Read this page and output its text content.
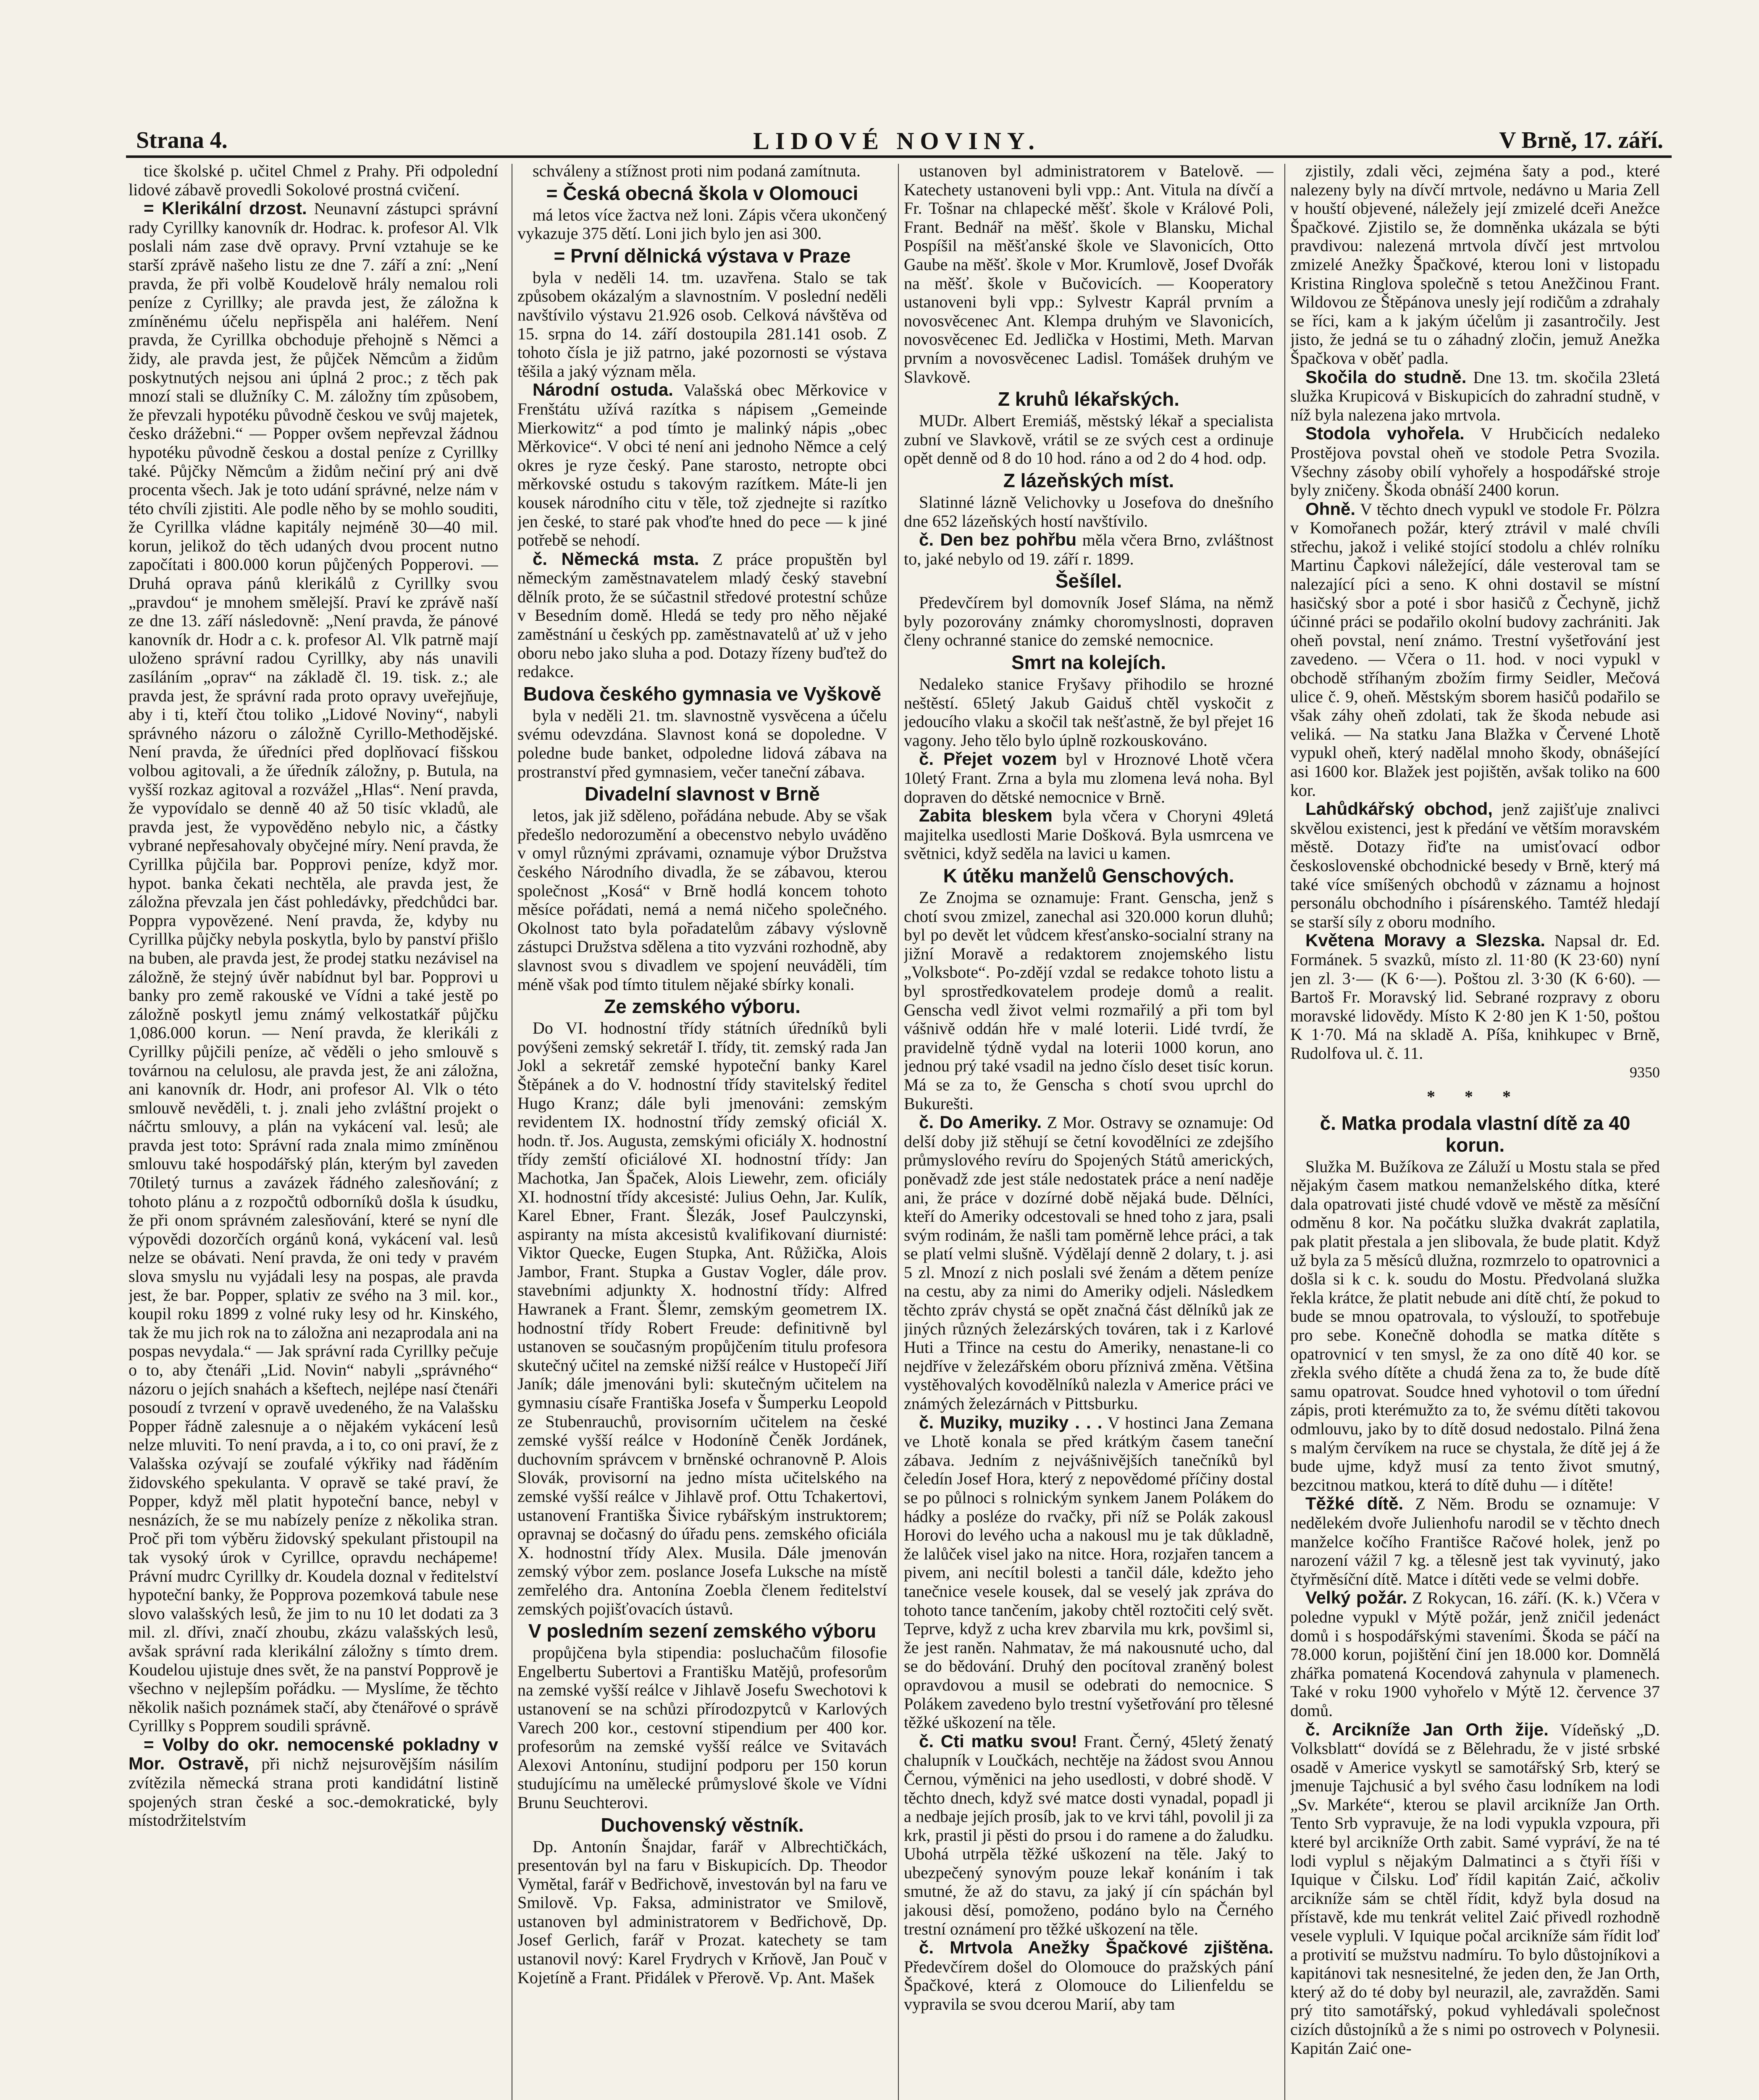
Strana 4.	LIDOVÉ NOVINY.	V Brně, 17. září.

tice školské p. učitel Chmel z Prahy. Při odpolední lidové zábavě provedli Sokolové prostná cvičení.

= Klerikální drzost. Neunavní zástupci správní rady Cyrillky kanovník dr. Hodrac. k. profesor Al. Vlk poslali nám zase dvě opravy. První vztahuje se ke starší zprávě našeho listu ze dne 7. září a zní: „Není pravda, že při volbě Koudelově hrály nemalou roli peníze z Cyrillky; ale pravda jest, že záložna k zmíněnému účelu nepřispěla ani haléřem. Není pravda, že Cyrillka obchoduje přehojně s Němci a židy, ale pravda jest, že půjček Němcům a židům poskytnutých nejsou ani úplná 2 proc.; z těch pak mnozí stali se dlužníky C. M. záložny tím způsobem, že převzali hypotéku původně českou ve svůj majetek, česko drážebni.“ — Popper ovšem nepřevzal žádnou hypotéku původně českou a dostal peníze z Cyrillky také. Půjčky Němcům a židům nečiní prý ani dvě procenta všech. Jak je toto udání správné, nelze nám v této chvíli zjistiti. Ale podle něho by se mohlo souditi, že Cyrillka vládne kapitály nejméně 30—40 mil. korun, jelikož do těch udaných dvou procent nutno započítati i 800.000 korun půjčených Popperovi. — Druhá oprava pánů klerikálů z Cyrillky svou „pravdou“ je mnohem smělejší. Praví ke zprávě naší ze dne 13. září následovně: „Není pravda, že pánové kanovník dr. Hodr a c. k. profesor Al. Vlk patrně mají uloženo správní radou Cyrillky, aby nás unavili zasíláním „oprav“ na základě čl. 19. tisk. z.; ale pravda jest, že správní rada proto opravy uveřejňuje, aby i ti, kteří čtou toliko „Lidové Noviny“, nabyli správného názoru o záložně Cyrillo-Methodějské. Není pravda, že úředníci před doplňovací fišskou volbou agitovali, a že úředník záložny, p. Butula, na vyšší rozkaz agitoval a rozvážel „Hlas“. Není pravda, že vypovídalo se denně 40 až 50 tisíc vkladů, ale pravda jest, že vypověděno nebylo nic, a částky vybrané nepřesahovaly obyčejné míry. Není pravda, že Cyrillka půjčila bar. Popprovi peníze, když mor. hypot. banka čekati nechtěla, ale pravda jest, že záložna převzala jen část pohledávky, předchůdci bar. Poppra vypovězené. Není pravda, že, kdyby nu Cyrillka půjčky nebyla poskytla, bylo by panství přišlo na buben, ale pravda jest, že prodej statku nezávisel na záložně, že stejný úvěr nabídnut byl bar. Popprovi u banky pro země rakouské ve Vídni a také jestě po záložně poskytl jemu známý velkostatkář půjčku 1,086.000 korun. — Není pravda, že klerikáli z Cyrillky půjčili peníze, ač věděli o jeho smlouvě s továrnou na celulosu, ale pravda jest, že ani záložna, ani kanovník dr. Hodr, ani profesor Al. Vlk o této smlouvě nevěděli, t. j. znali jeho zvláštní projekt o náčrtu smlouvy, a plán na vykácení val. lesů; ale pravda jest toto: Správní rada znala mimo zmíněnou smlouvu také hospodářský plán, kterým byl zaveden 70tiletý turnus a zavázek řádného zalesňování; z tohoto plánu a z rozpočtů odborníků došla k úsudku, že při onom správném zalesňování, které se nyní dle výpovědi dozorčích orgánů koná, vykácení val. lesů nelze se obávati. Není pravda, že oni tedy v pravém slova smyslu nu vyjádali lesy na pospas, ale pravda jest, že bar. Popper, splativ ze svého na 3 mil. kor., koupil roku 1899 z volné ruky lesy od hr. Kinského, tak že mu jich rok na to záložna ani nezaprodala ani na pospas nevydala.“ — Jak správní rada Cyrillky pečuje o to, aby čtenáři „Lid. Novin“ nabyli „správného“ názoru o jejích snahách a kšeftech, nejlépe nasí čtenáři posoudí z tvrzení v opravě uvedeného, že na Valašsku Popper řádně zalesnuje a o nějakém vykácení lesů nelze mluviti. To není pravda, a i to, co oni praví, že z Valašska ozývají se zoufalé výkřiky nad řáděním židovského spekulanta. V opravě se také praví, že Popper, když měl platit hypoteční bance, nebyl v nesnázích, že se mu nabízely peníze z několika stran. Proč při tom výběru židovský spekulant přistoupil na tak vysoký úrok v Cyrillce, opravdu nechápeme! Právní mudrc Cyrillky dr. Koudela doznal v ředitelství hypoteční banky, že Popprova pozemková tabule nese slovo valašských lesů, že jim to nu 10 let dodati za 3 mil. zl. dřívi, značí zhoubu, zkázu valašských lesů, avšak správní rada klerikální záložny s tímto drem. Koudelou ujistuje dnes svět, že na panství Popprově je všechno v nejlepším pořádku. — Myslíme, že těchto několik našich poznámek stačí, aby čtenářové o správě Cyrillky s Popprem soudili správně.

= Volby do okr. nemocenské pokladny v Mor. Ostravě, při nichž nejsurovějším násilím zvítězila německá strana proti kandidátní listině spojených stran české a soc.-demokratické, byly místodržitelstvím

schváleny a stížnost proti nim podaná zamítnuta.

= Česká obecná škola v Olomouci

má letos více žactva než loni. Zápis včera ukončený vykazuje 375 dětí. Loni jich bylo jen asi 300.

= První dělnická výstava v Praze

byla v neděli 14. tm. uzavřena. Stalo se tak způsobem okázalým a slavnostním. V poslední neděli navštívilo výstavu 21.926 osob. Celková návštěva od 15. srpna do 14. září dostoupila 281.141 osob. Z tohoto čísla je již patrno, jaké pozornosti se výstava těšila a jaký význam měla.

Národní ostuda. Valašská obec Měrkovice v Frenštátu užívá razítka s nápisem „Gemeinde Mierkowitz“ a pod tímto je malinký nápis „obec Měrkovice“. V obci té není ani jednoho Němce a celý okres je ryze český. Pane starosto, netropte obci měrkovské ostudu s takovým razítkem. Máte-li jen kousek národního citu v těle, tož zjednejte si razítko jen české, to staré pak vhoďte hned do pece — k jiné potřebě se nehodí.

č. Německá msta. Z práce propuštěn byl německým zaměstnavatelem mladý český stavební dělník proto, že se súčastnil středové protestní schůze v Besedním domě. Hledá se tedy pro něho nějaké zaměstnání u českých pp. zaměstnavatelů ať už v jeho oboru nebo jako sluha a pod. Dotazy řízeny buďtež do redakce.

Budova českého gymnasia ve Vyškově

byla v neděli 21. tm. slavnostně vysvěcena a účelu svému odevzdána. Slavnost koná se dopoledne. V poledne bude banket, odpoledne lidová zábava na prostranství před gymnasiem, večer taneční zábava.

Divadelní slavnost v Brně

letos, jak již sděleno, pořádána nebude. Aby se však předešlo nedorozumění a obecenstvo nebylo uváděno v omyl různými zprávami, oznamuje výbor Družstva českého Národního divadla, že se zábavou, kterou společnost „Kosá“ v Brně hodlá koncem tohoto měsíce pořádati, nemá a nemá ničeho společného. Okolnost tato byla pořadatelům zábavy výslovně zástupci Družstva sdělena a tito vyzváni rozhodně, aby slavnost svou s divadlem ve spojení neuváděli, tím méně však pod tímto titulem nějaké sbírky konali.

Ze zemského výboru.

Do VI. hodnostní třídy státních úředníků byli povýšeni zemský sekretář I. třídy, tit. zemský rada Jan Jokl a sekretář zemské hypoteční banky Karel Štěpánek a do V. hodnostní třídy stavitelský ředitel Hugo Kranz; dále byli jmenováni: zemským revidentem IX. hodnostní třídy zemský oficiál X. hodn. tř. Jos. Augusta, zemskými oficiály X. hodnostní třídy zemští oficiálové XI. hodnostní třídy: Jan Machotka, Jan Špaček, Alois Liewehr, zem. oficiály XI. hodnostní třídy akcesisté: Julius Oehn, Jar. Kulík, Karel Ebner, Frant. Šlezák, Josef Paulczynski, aspiranty na místa akcesistů kvalifikovaní diurnisté: Viktor Quecke, Eugen Stupka, Ant. Růžička, Alois Jambor, Frant. Stupka a Gustav Vogler, dále prov. stavebními adjunkty X. hodnostní třídy: Alfred Hawranek a Frant. Šlemr, zemským geometrem IX. hodnostní třídy Robert Freude: definitivně byl ustanoven se současným propůjčením titulu profesora skutečný učitel na zemské nižší reálce v Hustopečí Jiří Janík; dále jmenováni byli: skutečným učitelem na gymnasiu císaře Františka Josefa v Šumperku Leopold ze Stubenrauchů, provisorním učitelem na české zemské vyšší reálce v Hodoníně Čeněk Jordánek, duchovním správcem v brněnské ochranovně P. Alois Slovák, provisorní na jedno místa učitelského na zemské vyšší reálce v Jihlavě prof. Ottu Tchakertovi, ustanovení Františka Šivice rybářským instruktorem; opravnaj se dočasný do úřadu pens. zemského oficiála X. hodnostní třídy Alex. Musila. Dále jmenován zemský výbor zem. poslance Josefa Luksche na místě zemřelého dra. Antonína Zoebla členem ředitelství zemských pojišťovacích ústavů.

V posledním sezení zemského výboru

propůjčena byla stipendia: posluchačům filosofie Engelbertu Subertovi a Františku Matějů, profesorům na zemské vyšší reálce v Jihlavě Josefu Swechotovi k ustanovení se na schůzi přírodozpytců v Karlových Varech 200 kor., cestovní stipendium per 400 kor. profesorům na zemské vyšší reálce ve Svitavách Alexovi Antonínu, studijní podporu per 150 korun studujícímu na umělecké průmyslové škole ve Vídni Brunu Seuchterovi.

Duchovenský věstník.

Dp. Antonín Šnajdar, farář v Albrechtičkách, presentován byl na faru v Biskupicích. Dp. Theodor Vymětal, farář v Bedřichově, investován byl na faru ve Smilově. Vp. Faksa, administrator ve Smilově, ustanoven byl administratorem v Bedřichově, Dp. Josef Gerlich, farář v Prozat. katechety se tam ustanovil nový: Karel Frydrych v Krňově, Jan Pouč v Kojetíně a Frant. Přidálek v Přerově. Vp. Ant. Mašek

ustanoven byl administratorem v Batelově. — Katechety ustanoveni byli vpp.: Ant. Vitula na dívčí a Fr. Tošnar na chlapecké měšť. škole v Králové Poli, Frant. Bednář na měšť. škole v Blansku, Michal Pospíšil na měšťanské škole ve Slavonicích, Otto Gaube na měšť. škole v Mor. Krumlově, Josef Dvořák na měšť. škole v Bučovicích. — Kooperatory ustanoveni byli vpp.: Sylvestr Kaprál prvním a novosvěcenec Ant. Klempa druhým ve Slavonicích, novosvěcenec Ed. Jedlička v Hostimi, Meth. Marvan prvním a novosvěcenec Ladisl. Tomášek druhým ve Slavkově.

Z kruhů lékařských.

MUDr. Albert Eremiáš, městský lékař a specialista zubní ve Slavkově, vrátil se ze svých cest a ordinuje opět denně od 8 do 10 hod. ráno a od 2 do 4 hod. odp.

Z lázeňských míst.

Slatinné lázně Velichovky u Josefova do dnešního dne 652 lázeňských hostí navštívilo.

č. Den bez pohřbu měla včera Brno, zvláštnost to, jaké nebylo od 19. září r. 1899.

Šešílel.

Předevčírem byl domovník Josef Sláma, na němž byly pozorovány známky choromyslnosti, dopraven členy ochranné stanice do zemské nemocnice.

Smrt na kolejích.

Nedaleko stanice Fryšavy přihodilo se hrozné neštěstí. 65letý Jakub Gaiduš chtěl vyskočit z jedoucího vlaku a skočil tak nešťastně, že byl přejet 16 vagony. Jeho tělo bylo úplně rozkouskováno.

č. Přejet vozem byl v Hroznové Lhotě včera 10letý Frant. Zrna a byla mu zlomena levá noha. Byl dopraven do dětské nemocnice v Brně.

Zabita bleskem byla včera v Choryni 49letá majitelka usedlosti Marie Došková. Byla usmrcena ve světnici, když seděla na lavici u kamen.

K útěku manželů Genschových.

Ze Znojma se oznamuje: Frant. Genscha, jenž s chotí svou zmizel, zanechal asi 320.000 korun dluhů; byl po devět let vůdcem křesťansko-socialní strany na jižní Moravě a redaktorem znojemského listu „Volksbote“. Po-zdějí vzdal se redakce tohoto listu a byl sprostředkovatelem prodeje domů a realit. Genscha vedl život velmi rozmařilý a při tom byl vášnivě oddán hře v malé loterii. Lidé tvrdí, že pravidelně týdně vydal na loterii 1000 korun, ano jednou prý také vsadil na jedno číslo deset tisíc korun. Má se za to, že Genscha s chotí svou uprchl do Bukurešti.

č. Do Ameriky. Z Mor. Ostravy se oznamuje: Od delší doby již stěhují se četní kovodělníci ze zdejšího průmyslového revíru do Spojených Států amerických, poněvadž zde jest stále nedostatek práce a není naděje ani, že práce v dozírné době nějaká bude. Dělníci, kteří do Ameriky odcestovali se hned toho z jara, psali svým rodinám, že našli tam poměrně lehce práci, a tak se platí velmi slušně. Výdělají denně 2 dolary, t. j. asi 5 zl. Mnozí z nich poslali své ženám a dětem peníze na cestu, aby za nimi do Ameriky odjeli. Následkem těchto zpráv chystá se opět značná část dělníků jak ze jiných různých železárských továren, tak i z Karlové Huti a Třince na cestu do Ameriky, nenastane-li co nejdříve v železářském oboru příznivá změna. Většina vystěhovalých kovodělníků nalezla v Americe práci ve známých železárnách v Pittsburku.

č. Muziky, muziky . . . V hostinci Jana Zemana ve Lhotě konala se před krátkým časem taneční zábava. Jedním z nejvášnivějších tanečníků byl čeledín Josef Hora, který z nepovědomé příčiny dostal se po půlnoci s rolnickým synkem Janem Polákem do hádky a posléze do rvačky, při níž se Polák zakousl Horovi do levého ucha a nakousl mu je tak důkladně, že lalůček visel jako na nitce. Hora, rozjařen tancem a pivem, ani necítil bolesti a tančil dále, kdežto jeho tanečnice vesele kousek, dal se veselý jak zpráva do tohoto tance tančením, jakoby chtěl roztočiti celý svět. Teprve, když z ucha krev zbarvila mu krk, povšiml si, že jest raněn. Nahmatav, že má nakousnuté ucho, dal se do bědování. Druhý den pocítoval zraněný bolest opravdovou a musil se odebrati do nemocnice. S Polákem zavedeno bylo trestní vyšetřování pro tělesné těžké uškození na těle.

č. Cti matku svou! Frant. Černý, 45letý ženatý chalupník v Loučkách, nechtěje na žádost svou Annou Černou, výměnici na jeho usedlosti, v dobré shodě. V těchto dnech, když své matce dosti vynadal, popadl ji a nedbaje jejích prosíb, jak to ve krvi táhl, povolil ji za krk, prastil ji pěsti do prsou i do ramene a do žaludku. Ubohá utrpěla těžké uškození na těle. Jaký to ubezpečený synovým pouze lekař konáním i tak smutné, že až do stavu, za jaký jí cín spáchán byl jakousi děsí, pomoženo, podáno bylo na Černého trestní oznámení pro těžké uškození na těle.

č. Mrtvola Anežky Špačkové zjištěna. Předevčírem došel do Olomouce do pražských pání Špačkové, která z Olomouce do Lilienfeldu se vypravila se svou dcerou Marií, aby tam

zjistily, zdali věci, zejména šaty a pod., které nalezeny byly na dívčí mrtvole, nedávno u Maria Zell v houští objevené, náležely její zmizelé dceři Anežce Špačkové. Zjistilo se, že domněnka ukázala se býti pravdivou: nalezená mrtvola dívčí jest mrtvolou zmizelé Anežky Špačkové, kterou loni v listopadu Kristina Ringlova společně s tetou Anežčinou Frant. Wildovou ze Štěpánova unesly její rodičům a zdrahaly se říci, kam a k jakým účelům ji zasantročily. Jest jisto, že jedná se tu o záhadný zločin, jemuž Anežka Špačkova v oběť padla.

Skočila do studně. Dne 13. tm. skočila 23letá služka Krupicová v Biskupicích do zahradní studně, v níž byla nalezena jako mrtvola.

Stodola vyhořela. V Hrubčicích nedaleko Prostějova povstal oheň ve stodole Petra Svozila. Všechny zásoby obilí vyhořely a hospodářské stroje byly zničeny. Škoda obnáší 2400 korun.

Ohně. V těchto dnech vypukl ve stodole Fr. Pölzra v Komořanech požár, který ztrávil v malé chvíli střechu, jakož i veliké stojící stodolu a chlév rolníku Martinu Čapkovi náležející, dále vesteroval tam se nalezající píci a seno. K ohni dostavil se místní hasičský sbor a poté i sbor hasičů z Čechyně, jichž účinné práci se podařilo okolní budovy zachrániti. Jak oheň povstal, není známo. Trestní vyšetřování jest zavedeno. — Včera o 11. hod. v noci vypukl v obchodě stříhaným zbožím firmy Seidler, Mečová ulice č. 9, oheň. Městským sborem hasičů podařilo se však záhy oheň zdolati, tak že škoda nebude asi veliká. — Na statku Jana Blažka v Červené Lhotě vypukl oheň, který nadělal mnoho škody, obnášející asi 1600 kor. Blažek jest pojištěn, avšak toliko na 600 kor.

Lahůdkářský obchod, jenž zajišťuje znalivci skvělou existenci, jest k předání ve větším moravském městě. Dotazy řiďte na umisťovací odbor československé obchodnické besedy v Brně, který má také více smíšených obchodů v záznamu a hojnost personálu obchodního i písárenského. Tamtéž hledají se starší síly z oboru modního.

Květena Moravy a Slezska. Napsal dr. Ed. Formánek. 5 svazků, místo zl. 11·80 (K 23·60) nyní jen zl. 3·— (K 6·—). Poštou zl. 3·30 (K 6·60). — Bartoš Fr. Moravský lid. Sebrané rozpravy z oboru moravské lidovědy. Místo K 2·80 jen K 1·50, poštou K 1·70. Má na skladě A. Píša, knihkupec v Brně, Rudolfova ul. č. 11.

9350

* * *

č. Matka prodala vlastní dítě za 40 korun.

Služka M. Bužíkova ze Záluží u Mostu stala se před nějakým časem matkou nemanželského dítka, které dala opatrovati jisté chudé vdově ve městě za měsíční odměnu 8 kor. Na počátku služka dvakrát zaplatila, pak platit přestala a jen slibovala, že bude platit. Když už byla za 5 měsíců dlužna, rozmrzelo to opatrovnici a došla si k c. k. soudu do Mostu. Předvolaná služka řekla krátce, že platit nebude ani dítě chtí, že pokud to bude se mnou opatrovala, to výslouží, to spotřebuje pro sebe. Konečně dohodla se matka dítěte s opatrovnicí v ten smysl, že za ono dítě 40 kor. se zřekla svého dítěte a chudá žena za to, že bude dítě samu opatrovat. Soudce hned vyhotovil o tom úřední zápis, proti kterémužto za to, že svému dítěti takovou odmlouvu, jako by to dítě dosud nedostalo. Pilná žena s malým červíkem na ruce se chystala, že dítě jej á že bude ujme, když musí za tento život smutný, bezcitnou matkou, která to dítě duhu — i dítěte!

Těžké dítě. Z Něm. Brodu se oznamuje: V nedělekém dvoře Julienhofu narodil se v těchto dnech manželce kočího Františce Račové holek, jenž po narození vážil 7 kg. a tělesně jest tak vyvinutý, jako čtyřměsíční dítě. Matce i dítěti vede se velmi dobře.

Velký požár. Z Rokycan, 16. září. (K. k.) Včera v poledne vypukl v Mýtě požár, jenž zničil jedenáct domů i s hospodářskými staveními. Škoda se páčí na 78.000 korun, pojištění činí jen 18.000 kor. Domnělá zhářka pomatená Kocendová zahynula v plamenech. Také v roku 1900 vyhořelo v Mýtě 12. července 37 domů.

č. Arcikníže Jan Orth žije. Vídeňský „D. Volksblatt“ dovídá se z Bělehradu, že v jisté srbské osadě v Americe vyskytl se samotářský Srb, který se jmenuje Tajchusić a byl svého času lodníkem na lodi „Sv. Markéte“, kterou se plavil arcikníže Jan Orth. Tento Srb vypravuje, že na lodi vypukla vzpoura, při které byl arcikníže Orth zabit. Samé vypráví, že na té lodi vyplul s nějakým Dalmatinci a s čtyři říši v Iquique v Čilsku. Loď řídil kapitán Zaić, ačkoliv arcikníže sám se chtěl řídit, když byla dosud na přístavě, kde mu tenkrát velitel Zaić přivedl rozhodně vesele vypluli. V Iquique počal arcikníže sám řídit loď a protivití se mužstvu nadmíru. To bylo důstojníkovi a kapitánovi tak nesnesitelné, že jeden den, že Jan Orth, který až do té doby byl neurazil, ale, zavražděn. Sami prý tito samotářský, pokud vyhledávali společnost cizích důstojníků a že s nimi po ostrovech v Polynesii. Kapitán Zaić one-
